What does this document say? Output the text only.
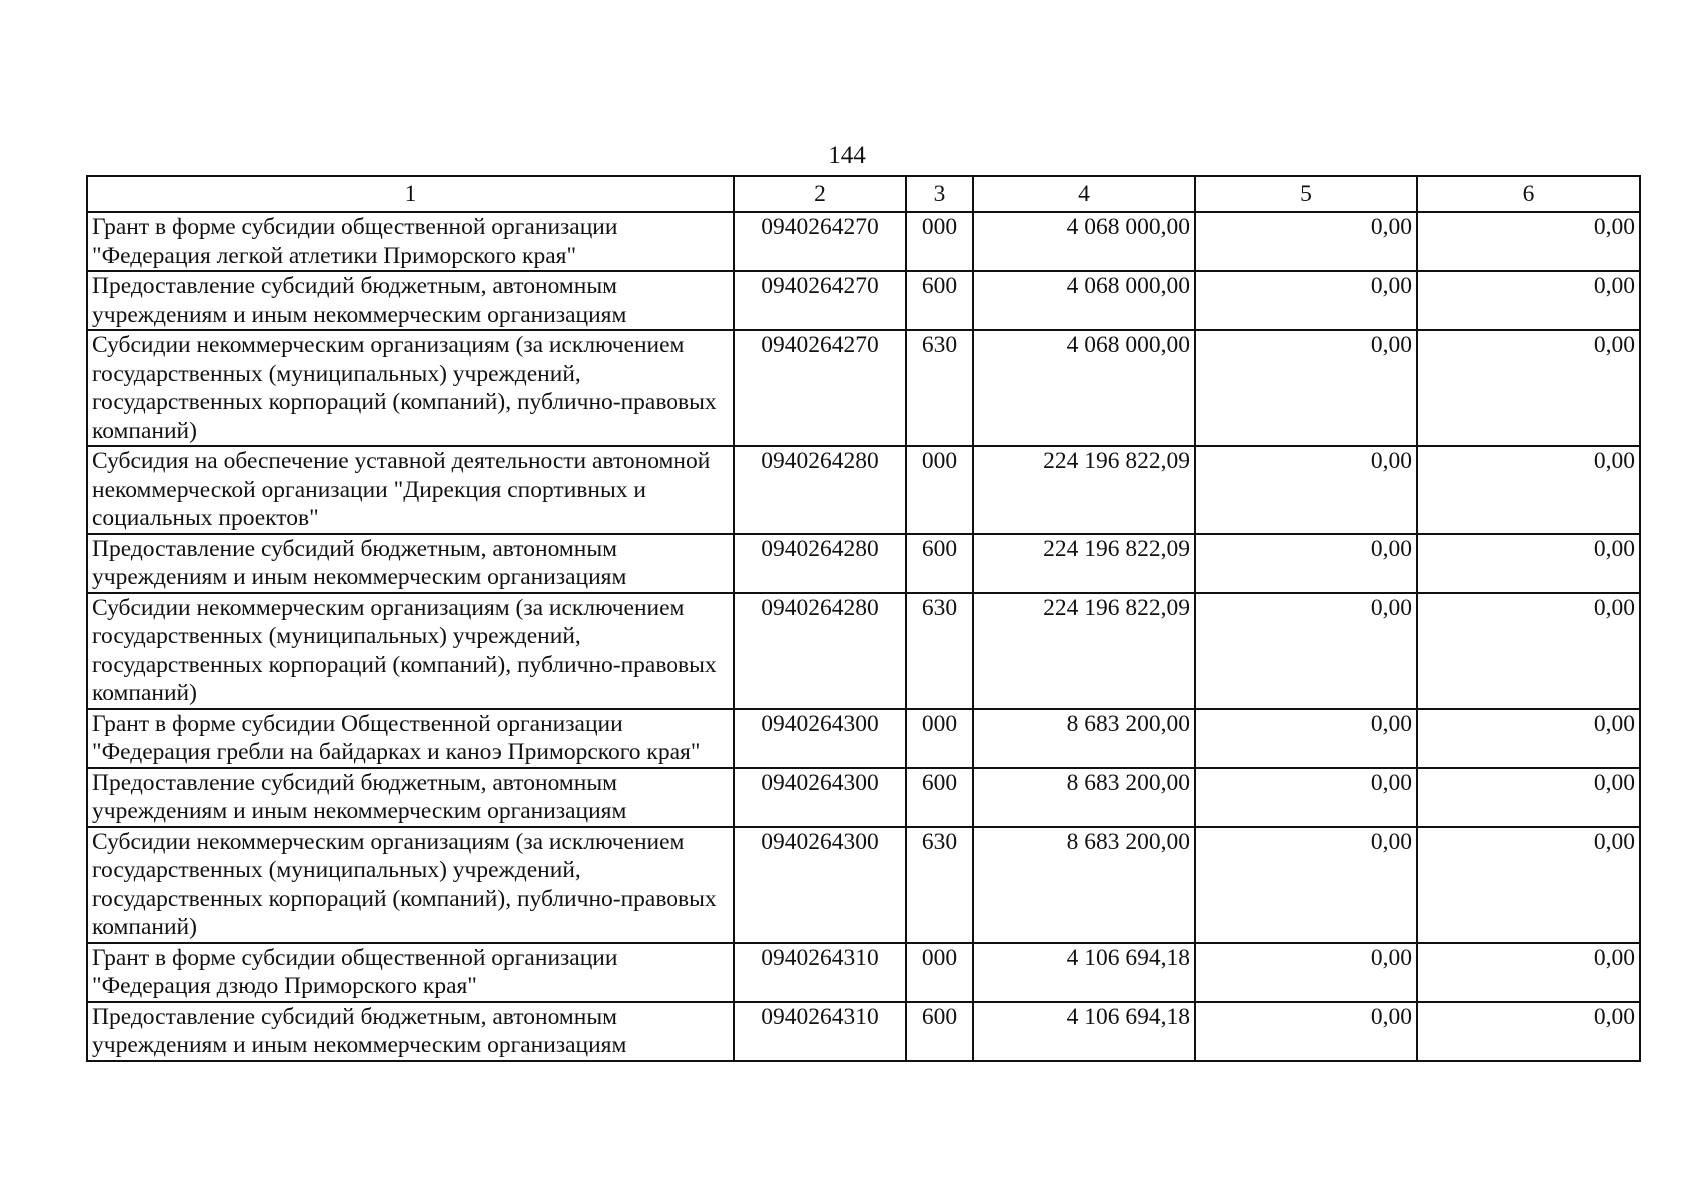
144
1	2	3	4	5	6
Грант в форме субсидии общественной организации "Федерация легкой атлетики Приморского края"	0940264270	000	4 068 000,00	0,00	0,00
Предоставление субсидий бюджетным, автономным учреждениям и иным некоммерческим организациям	0940264270	600	4 068 000,00	0,00	0,00
Субсидии некоммерческим организациям (за исключением государственных (муниципальных) учреждений, государственных корпораций (компаний), публично-правовых компаний)	0940264270	630	4 068 000,00	0,00	0,00
Субсидия на обеспечение уставной деятельности автономной некоммерческой организации "Дирекция спортивных и социальных проектов"	0940264280	000	224 196 822,09	0,00	0,00
Предоставление субсидий бюджетным, автономным учреждениям и иным некоммерческим организациям	0940264280	600	224 196 822,09	0,00	0,00
Субсидии некоммерческим организациям (за исключением государственных (муниципальных) учреждений, государственных корпораций (компаний), публично-правовых компаний)	0940264280	630	224 196 822,09	0,00	0,00
Грант в форме субсидии Общественной организации "Федерация гребли на байдарках и каноэ Приморского края"	0940264300	000	8 683 200,00	0,00	0,00
Предоставление субсидий бюджетным, автономным учреждениям и иным некоммерческим организациям	0940264300	600	8 683 200,00	0,00	0,00
Субсидии некоммерческим организациям (за исключением государственных (муниципальных) учреждений, государственных корпораций (компаний), публично-правовых компаний)	0940264300	630	8 683 200,00	0,00	0,00
Грант в форме субсидии общественной организации "Федерация дзюдо Приморского края"	0940264310	000	4 106 694,18	0,00	0,00
Предоставление субсидий бюджетным, автономным учреждениям и иным некоммерческим организациям	0940264310	600	4 106 694,18	0,00	0,00
